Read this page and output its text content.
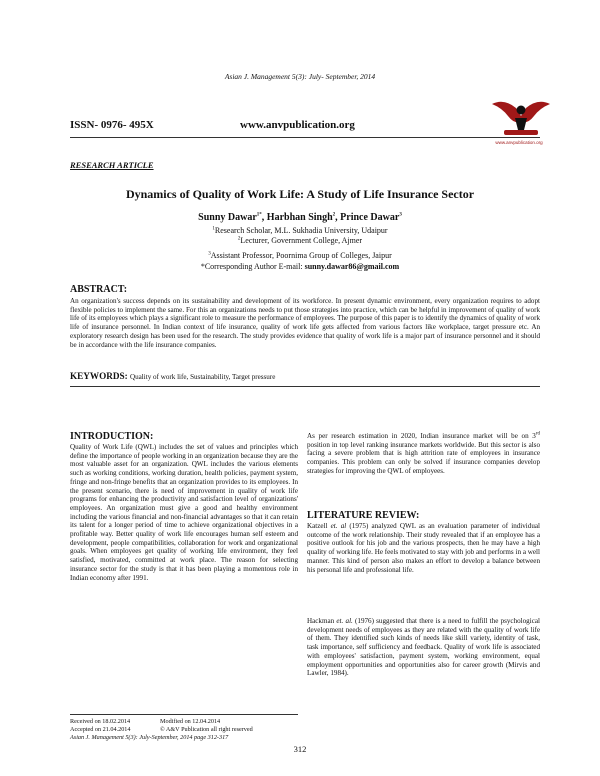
Asian J. Management 5(3): July- September, 2014
ISSN- 0976- 495X	www.anvpublication.org
www.anvpublication.org
RESEARCH ARTICLE
Dynamics of Quality of Work Life: A Study of Life Insurance Sector
Sunny Dawar$^{1*}$, Harbhan Singh$^2$, Prince Dawar$^3$
$^1$Research Scholar, M.L. Sukhadia University, Udaipur
$^2$Lecturer, Government College, Ajmer
$^3$Assistant Professor, Poornima Group of Colleges, Jaipur
*Corresponding Author E-mail: sunny.dawar86@gmail.com
ABSTRACT:
An organization's success depends on its sustainability and development of its workforce. In present dynamic environment, every organization requires to adopt flexible policies to implement the same. For this an organizations needs to put those strategies into practice, which can be helpful in improvement of quality of work life of its employees which plays a significant role to measure the performance of employees. The purpose of this paper is to identify the dynamics of quality of work life of insurance personnel. In Indian context of life insurance, quality of work life gets affected from various factors like workplace, target pressure etc. An exploratory research design has been used for the research. The study provides evidence that quality of work life is a major part of insurance personnel and it should be in accordance with the life insurance companies.
KEYWORDS: Quality of work life, Sustainability, Target pressure
INTRODUCTION:
Quality of Work Life (QWL) includes the set of values and principles which define the importance of people working in an organization because they are the most valuable asset for an organization. QWL includes the various elements such as working conditions, working duration, health policies, payment system, fringe and non-fringe benefits that an organization provides to its employees. In the present scenario, there is need of improvement in quality of work life programs for enhancing the productivity and satisfaction level of organizations' employees. An organization must give a good and healthy environment including the various financial and non-financial advantages so that it can retain its talent for a longer period of time to achieve organizational objectives in a profitable way. Better quality of work life encourages human self esteem and development, people compatibilities, collaboration for work and organizational goals. When employees get quality of working life environment, they feel satisfied, motivated, committed at work place. The reason for selecting insurance sector for the study is that it has been playing a momentous role in Indian economy after 1991.
Received on 18.02.2014	Modified on 12.04.2014
Accepted on 21.04.2014	© A&V Publication all right reserved
Asian J. Management 5(3): July-September, 2014 page 312-317
As per research estimation in 2020, Indian insurance market will be on 3rd position in top level ranking insurance markets worldwide. But this sector is also facing a severe problem that is high attrition rate of employees in insurance companies. This problem can only be solved if insurance companies develop strategies for improving the QWL of employees.
LITERATURE REVIEW:
Katzell et. al (1975) analyzed QWL as an evaluation parameter of individual outcome of the work relationship. Their study revealed that if an employee has a positive outlook for his job and the various prospects, then he may have a high quality of working life. He feels motivated to stay with job and performs in a well manner. This kind of person also makes an effort to develop a balance between his personal life and professional life.
Hackman et. al. (1976) suggested that there is a need to fulfill the psychological development needs of employees as they are related with the quality of work life of them. They identified such kinds of needs like skill variety, identity of task, task importance, self sufficiency and feedback. Quality of work life is associated with employees' satisfaction, payment system, working environment, equal employment opportunities and opportunities also for career growth (Mirvis and Lawler, 1984).
312
